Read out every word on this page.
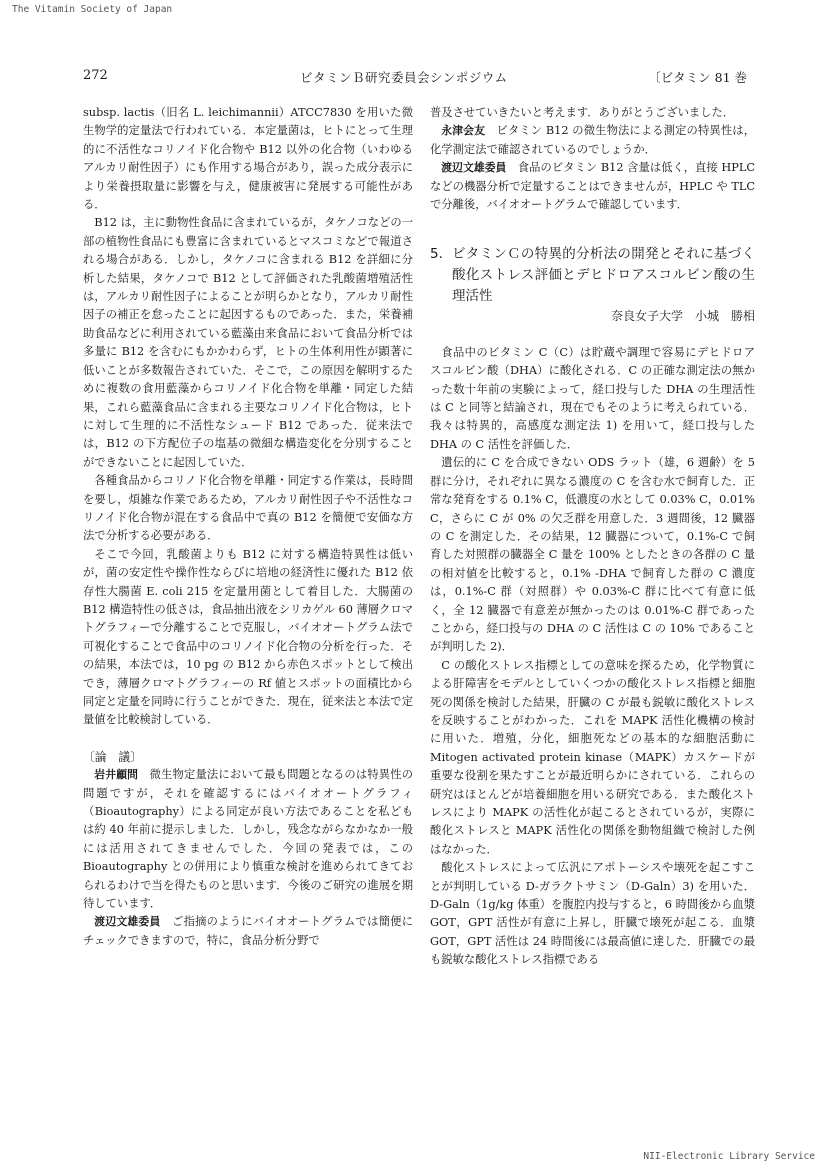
The Vitamin Society of Japan
272	ビタミンＢ研究委員会シンポジウム	〔ビタミン 81 巻

subsp. lactis（旧名 L. leichimannii）ATCC7830 を用いた微生物学的定量法で行われている．本定量菌は，ヒトにとって生理的に不活性なコリノイド化合物や B12 以外の化合物（いわゆるアルカリ耐性因子）にも作用する場合があり，誤った成分表示により栄養摂取量に影響を与え，健康被害に発展する可能性がある．

B12 は，主に動物性食品に含まれているが，タケノコなどの一部の植物性食品にも豊富に含まれているとマスコミなどで報道される場合がある．しかし，タケノコに含まれる B12 を詳細に分析した結果，タケノコで B12 として評価された乳酸菌増殖活性は，アルカリ耐性因子によることが明らかとなり，アルカリ耐性因子の補正を怠ったことに起因するものであった．また，栄養補助食品などに利用されている藍藻由来食品において食品分析では多量に B12 を含むにもかかわらず，ヒトの生体利用性が顕著に低いことが多数報告されていた．そこで，この原因を解明するために複数の食用藍藻からコリノイド化合物を単離・同定した結果，これら藍藻食品に含まれる主要なコリノイド化合物は，ヒトに対して生理的に不活性なシュード B12 であった．従来法では，B12 の下方配位子の塩基の微細な構造変化を分別することができないことに起因していた．

各種食品からコリノド化合物を単離・同定する作業は，長時間を要し，煩雑な作業であるため，アルカリ耐性因子や不活性なコリノイド化合物が混在する食品中で真の B12 を簡便で安価な方法で分析する必要がある．

そこで今回，乳酸菌よりも B12 に対する構造特異性は低いが，菌の安定性や操作性ならびに培地の経済性に優れた B12 依存性大腸菌 E. coli 215 を定量用菌として着目した．大腸菌の B12 構造特性の低さは，食品抽出液をシリカゲル 60 薄層クロマトグラフィーで分離することで克服し，バイオオートグラム法で可視化することで食品中のコリノイド化合物の分析を行った．その結果，本法では，10 pg の B12 から赤色スポットとして検出でき，薄層クロマトグラフィーの Rf 値とスポットの面積比から同定と定量を同時に行うことができた．現在，従来法と本法で定量値を比較検討している．

〔論　議〕

岩井顧問　 微生物定量法において最も問題となるのは特異性の問題ですが，それを確認するにはバイオオートグラフィ（Bioautography）による同定が良い方法であることを私どもは約 40 年前に提示しました．しかし，残念ながらなかなか一般には活用されてきませんでした．今回の発表では，この Bioautography との併用により慎重な検討を進められてきておられるわけで当を得たものと思います．今後のご研究の進展を期待しています．

渡辺文雄委員　 ご指摘のようにバイオオートグラムでは簡便にチェックできますので，特に，食品分析分野で

普及させていきたいと考えます．ありがとうございました．

永津会友　 ビタミン B12 の微生物法による測定の特異性は，化学測定法で確認されているのでしょうか．

渡辺文雄委員　 食品のビタミン B12 含量は低く，直接 HPLC などの機器分析で定量することはできませんが，HPLC や TLC で分離後，バイオオートグラムで確認しています．

5. ビタミンＣの特異的分析法の開発とそれに基づく酸化ストレス評価とデヒドロアスコルビン酸の生理活性

奈良女子大学　小城　勝相

食品中のビタミン C（C）は貯蔵や調理で容易にデヒドロアスコルビン酸（DHA）に酸化される．C の正確な測定法の無かった数十年前の実験によって，経口投与した DHA の生理活性は C と同等と結論され，現在でもそのように考えられている．我々は特異的，高感度な測定法 1) を用いて，経口投与した DHA の C 活性を評価した．

遺伝的に C を合成できない ODS ラット（雄，6 週齢）を 5 群に分け，それぞれに異なる濃度の C を含む水で飼育した．正常な発育をする 0.1% C，低濃度の水として 0.03% C，0.01% C，さらに C が 0% の欠乏群を用意した．3 週間後，12 臓器の C を測定した．その結果，12 臓器について，0.1%-C で飼育した対照群の臓器全 C 量を 100% としたときの各群の C 量の相対値を比較すると，0.1% -DHA で飼育した群の C 濃度は，0.1%-C 群（対照群）や 0.03%-C 群に比べて有意に低く，全 12 臓器で有意差が無かったのは 0.01%-C 群であったことから，経口投与の DHA の C 活性は C の 10% であることが判明した 2)．

C の酸化ストレス指標としての意味を探るため，化学物質による肝障害をモデルとしていくつかの酸化ストレス指標と細胞死の関係を検討した結果，肝臓の C が最も鋭敏に酸化ストレスを反映することがわかった．これを MAPK 活性化機構の検討に用いた．増殖，分化，細胞死などの基本的な細胞活動に Mitogen activated protein kinase（MAPK）カスケードが重要な役割を果たすことが最近明らかにされている．これらの研究はほとんどが培養細胞を用いる研究である．また酸化ストレスにより MAPK の活性化が起こるとされているが，実際に酸化ストレスと MAPK 活性化の関係を動物組織で検討した例はなかった．

酸化ストレスによって広汎にアポトーシスや壊死を起こすことが判明している D-ガラクトサミン（D-Galn）3) を用いた．D-Galn（1g/kg 体重）を腹腔内投与すると，6 時間後から血漿 GOT，GPT 活性が有意に上昇し，肝臓で壊死が起こる．血漿 GOT，GPT 活性は 24 時間後には最高値に達した．肝臓での最も鋭敏な酸化ストレス指標である

NII-Electronic Library Service
